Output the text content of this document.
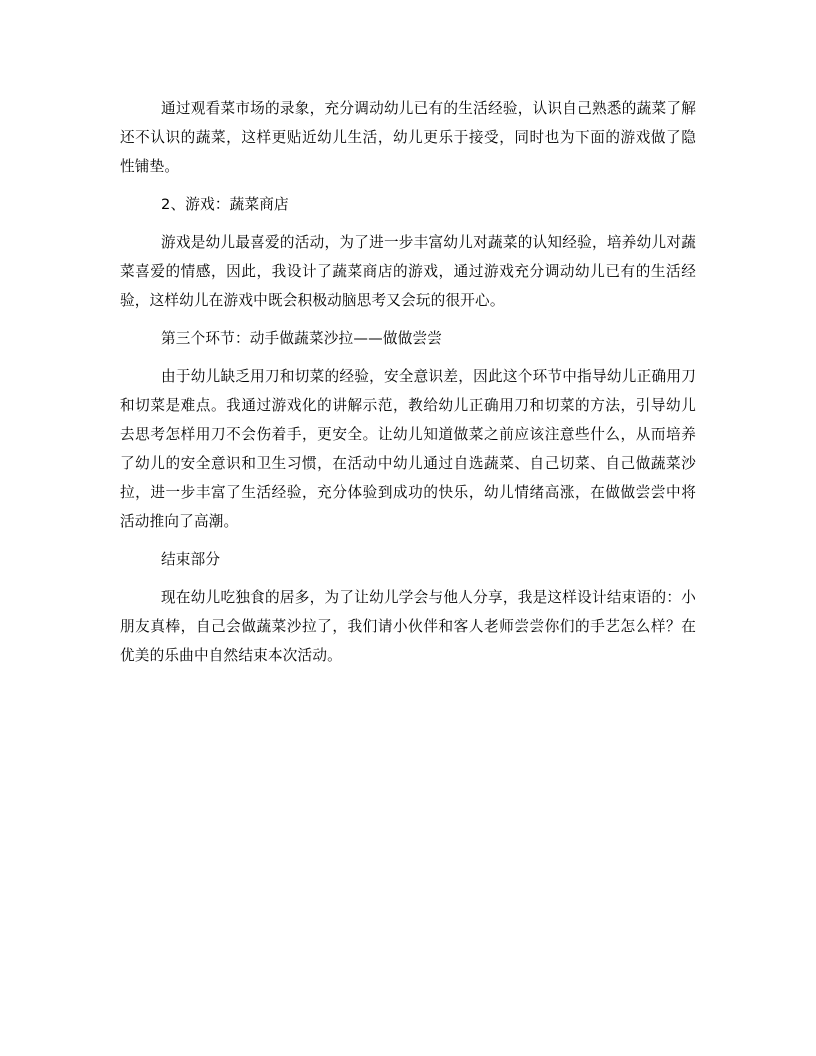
通过观看菜市场的录象，充分调动幼儿已有的生活经验，认识自己熟悉的蔬菜了解还不认识的蔬菜，这样更贴近幼儿生活，幼儿更乐于接受，同时也为下面的游戏做了隐性铺垫。

2、游戏：蔬菜商店

游戏是幼儿最喜爱的活动，为了进一步丰富幼儿对蔬菜的认知经验，培养幼儿对蔬菜喜爱的情感，因此，我设计了蔬菜商店的游戏，通过游戏充分调动幼儿已有的生活经验，这样幼儿在游戏中既会积极动脑思考又会玩的很开心。

第三个环节：动手做蔬菜沙拉——做做尝尝

由于幼儿缺乏用刀和切菜的经验，安全意识差，因此这个环节中指导幼儿正确用刀和切菜是难点。我通过游戏化的讲解示范，教给幼儿正确用刀和切菜的方法，引导幼儿去思考怎样用刀不会伤着手，更安全。让幼儿知道做菜之前应该注意些什么，从而培养了幼儿的安全意识和卫生习惯，在活动中幼儿通过自选蔬菜、自己切菜、自己做蔬菜沙拉，进一步丰富了生活经验，充分体验到成功的快乐，幼儿情绪高涨，在做做尝尝中将活动推向了高潮。

结束部分

现在幼儿吃独食的居多，为了让幼儿学会与他人分享，我是这样设计结束语的：小朋友真棒，自己会做蔬菜沙拉了，我们请小伙伴和客人老师尝尝你们的手艺怎么样？在优美的乐曲中自然结束本次活动。
